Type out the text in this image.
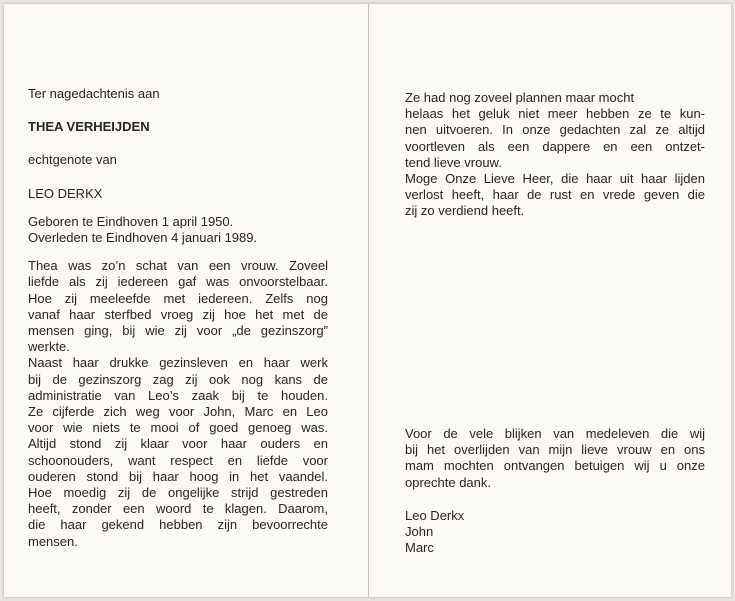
Ter nagedachtenis aan
THEA VERHEIJDEN
echtgenote van
LEO DERKX
Geboren te Eindhoven 1 april 1950.
Overleden te Eindhoven 4 januari 1989.
Thea was zo’n schat van een vrouw. Zoveel
liefde als zij iedereen gaf was onvoorstelbaar.
Hoe zij meeleefde met iedereen. Zelfs nog
vanaf haar sterfbed vroeg zij hoe het met de
mensen ging, bij wie zij voor „de gezinszorg”
werkte.
Naast haar drukke gezinsleven en haar werk
bij de gezinszorg zag zij ook nog kans de
administratie van Leo’s zaak bij te houden.
Ze cijferde zich weg voor John, Marc en Leo
voor wie niets te mooi of goed genoeg was.
Altijd stond zij klaar voor haar ouders en
schoonouders, want respect en liefde voor
ouderen stond bij haar hoog in het vaandel.
Hoe moedig zij de ongelijke strijd gestreden
heeft, zonder een woord te klagen. Daarom,
die haar gekend hebben zijn bevoorrechte
mensen.
Ze had nog zoveel plannen maar mocht
helaas het geluk niet meer hebben ze te kun-
nen uitvoeren. In onze gedachten zal ze altijd
voortleven als een dappere en een ontzet-
tend lieve vrouw.
Moge Onze Lieve Heer, die haar uit haar lijden
verlost heeft, haar de rust en vrede geven die
zij zo verdiend heeft.
Voor de vele blijken van medeleven die wij
bij het overlijden van mijn lieve vrouw en ons
mam mochten ontvangen betuigen wij u onze
oprechte dank.
Leo Derkx
John
Marc
